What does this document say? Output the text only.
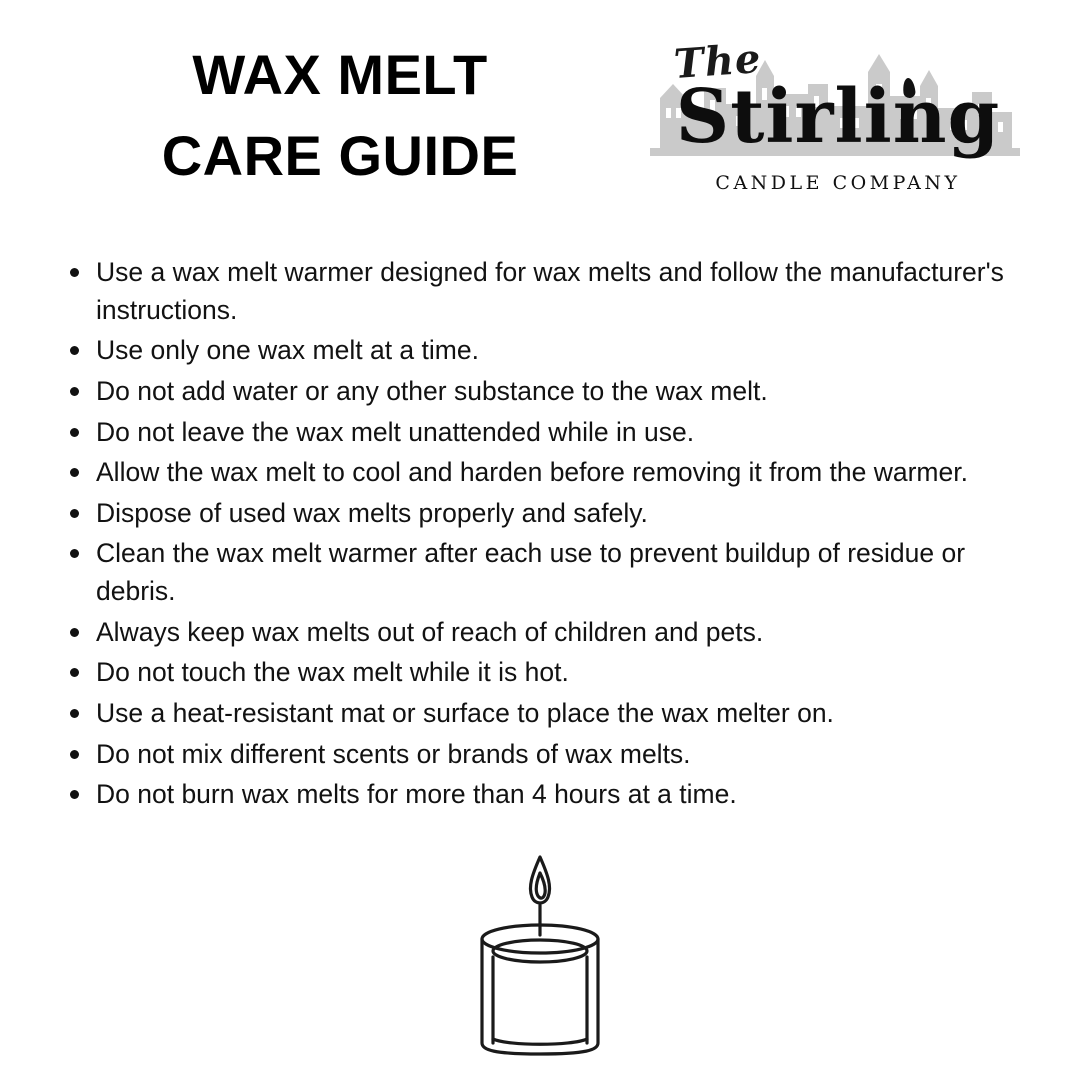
WAX MELT
CARE GUIDE
The
Stirling
CANDLE COMPANY
Use a wax melt warmer designed for wax melts and follow the manufacturer's instructions.
Use only one wax melt at a time.
Do not add water or any other substance to the wax melt.
Do not leave the wax melt unattended while in use.
Allow the wax melt to cool and harden before removing it from the warmer.
Dispose of used wax melts properly and safely.
Clean the wax melt warmer after each use to prevent buildup of residue or debris.
Always keep wax melts out of reach of children and pets.
Do not touch the wax melt while it is hot.
Use a heat-resistant mat or surface to place the wax melter on.
Do not mix different scents or brands of wax melts.
Do not burn wax melts for more than 4 hours at a time.
